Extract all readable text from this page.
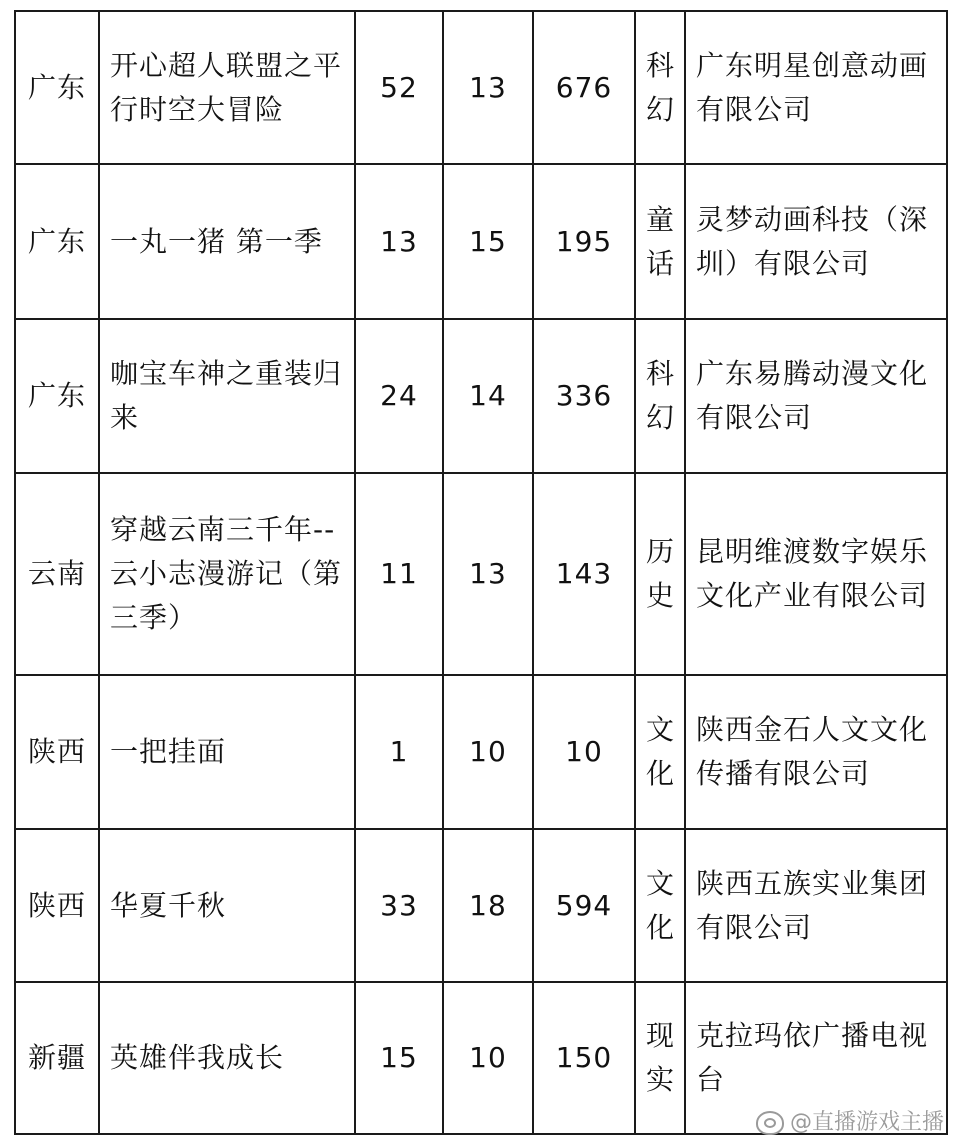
广东	开心超人联盟之平行时空大冒险	52	13	676	科幻	广东明星创意动画有限公司
广东	一丸一猪 第一季	13	15	195	童话	灵梦动画科技（深圳）有限公司
广东	咖宝车神之重装归来	24	14	336	科幻	广东易腾动漫文化有限公司
云南	穿越云南三千年--云小志漫游记（第三季）	11	13	143	历史	昆明维渡数字娱乐文化产业有限公司
陕西	一把挂面	1	10	10	文化	陕西金石人文文化传播有限公司
陕西	华夏千秋	33	18	594	文化	陕西五族实业集团有限公司
新疆	英雄伴我成长	15	10	150	现实	克拉玛依广播电视台
@直播游戏主播
